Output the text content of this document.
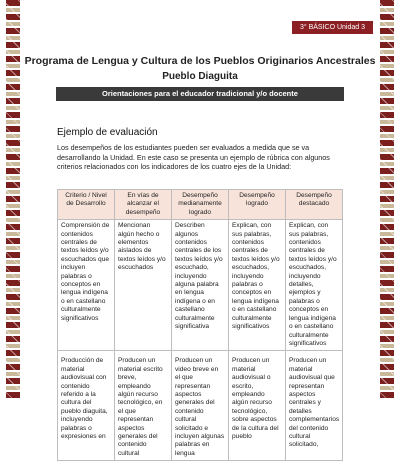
3° BÁSICO Unidad 3
Programa de Lengua y Cultura de los Pueblos Originarios Ancestrales
Pueblo Diaguita
Orientaciones para el educador tradicional y/o docente
Ejemplo de evaluación
Los desempeños de los estudiantes pueden ser evaluados a medida que se va desarrollando la Unidad. En este caso se presenta un ejemplo de rúbrica con algunos criterios relacionados con los indicadores de los cuatro ejes de la Unidad:
Criterio / Nivel de Desarrollo	En vías de alcanzar el desempeño	Desempeño medianamente logrado	Desempeño logrado	Desempeño destacado
Comprensión de contenidos centrales de textos leídos y/o escuchados que incluyen palabras o conceptos en lengua indígena o en castellano culturalmente significativos	Mencionan algún hecho o elementos aislados de textos leídos y/o escuchados	Describen algunos contenidos centrales de los textos leídos y/o escuchado, incluyendo alguna palabra en lengua indígena o en castellano culturalmente significativa	Explican, con sus palabras, contenidos centrales de textos leídos y/o escuchados, incluyendo palabras o conceptos en lengua indígena o en castellano culturalmente significativos	Explican, con sus palabras, contenidos centrales de textos leídos y/o escuchados, incluyendo detalles, ejemplos y palabras o conceptos en lengua indígena o en castellano culturalmente significativos
Producción de material audiovisual con contenido referido a la cultura del pueblo diaguita, incluyendo palabras o expresiones en	Producen un material escrito breve, empleando algún recurso tecnológico, en el que representan aspectos generales del contenido cultural	Producen un video breve en el que representan aspectos generales del contenido cultural solicitado e incluyen algunas palabras en lengua	Producen un material audiovisual o escrito, empleando algún recurso tecnológico, sobre aspectos de la cultura del pueblo	Producen un material audiovisual que representan aspectos centrales y detalles complementarios del contenido cultural solicitado,
